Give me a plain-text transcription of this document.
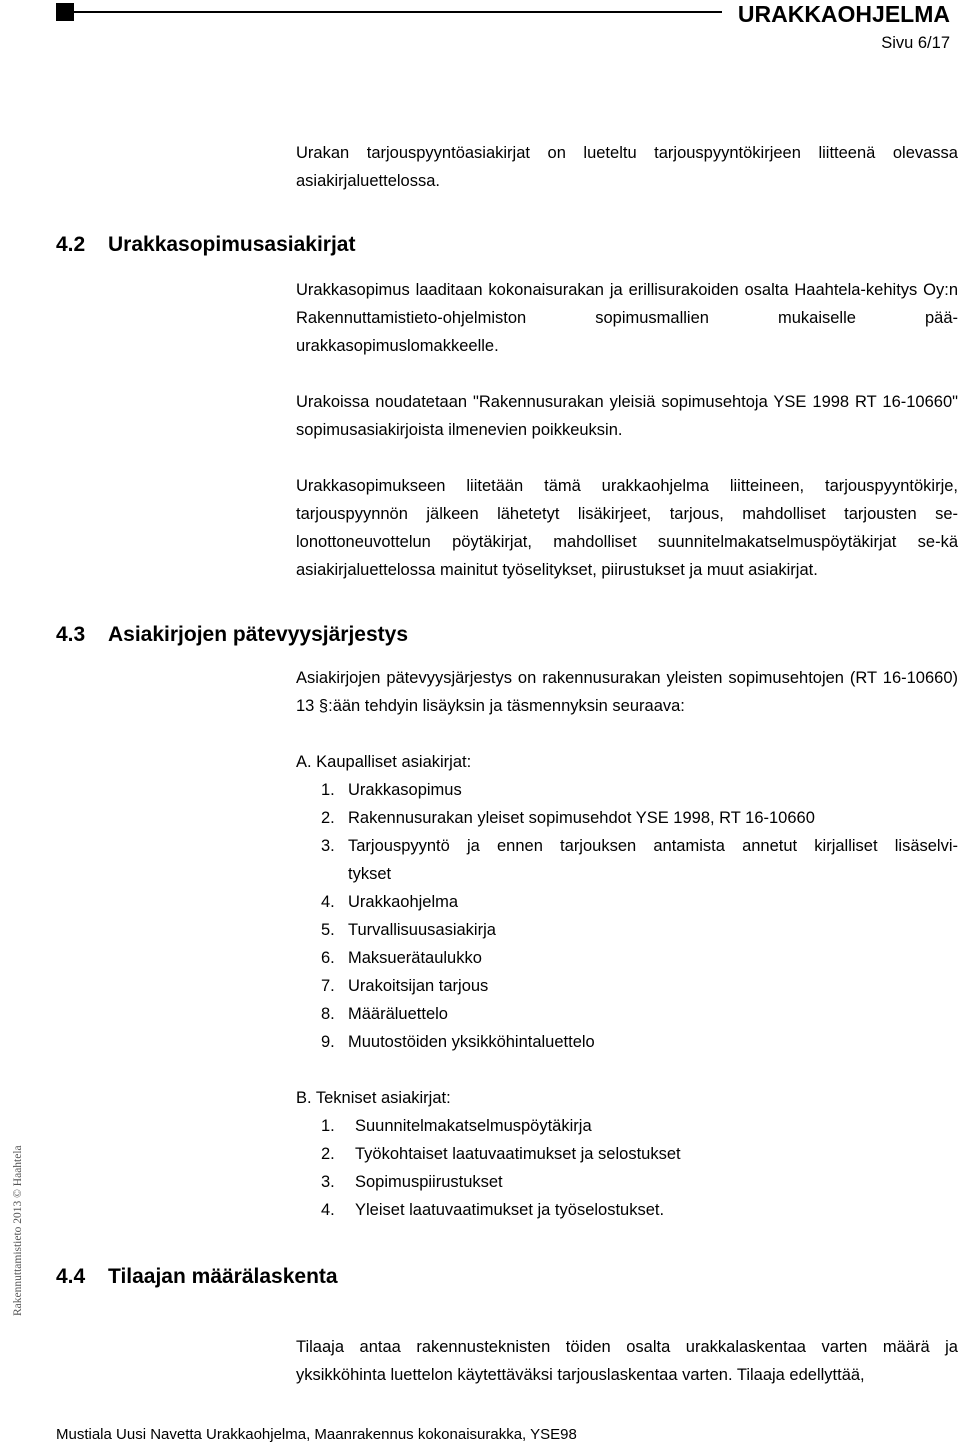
URAKKAOHJELMA
Sivu 6/17

Urakan tarjouspyyntöasiakirjat on lueteltu tarjouspyyntökirjeen liitteenä olevassa asiakirjaluettelossa.

4.2 Urakkasopimusasiakirjat

Urakkasopimus laaditaan kokonaisurakan ja erillisurakoiden osalta Haahtela-kehitys Oy:n Rakennuttamistieto-ohjelmiston sopimusmallien mukaiselle pää-urakkasopimuslomakkeelle.

Urakoissa noudatetaan "Rakennusurakan yleisiä sopimusehtoja YSE 1998 RT 16-10660" sopimusasiakirjoista ilmenevien poikkeuksin.

Urakkasopimukseen liitetään tämä urakkaohjelma liitteineen, tarjouspyyntökirje, tarjouspyynnön jälkeen lähetetyt lisäkirjeet, tarjous, mahdolliset tarjousten se-lonottoneuvottelun pöytäkirjat, mahdolliset suunnitelmakatselmuspöytäkirjat se-kä asiakirjaluettelossa mainitut työselitykset, piirustukset ja muut asiakirjat.

4.3 Asiakirjojen pätevyysjärjestys

Asiakirjojen pätevyysjärjestys on rakennusurakan yleisten sopimusehtojen (RT 16-10660) 13 §:ään tehdyin lisäyksin ja täsmennyksin seuraava:

A. Kaupalliset asiakirjat:
1. Urakkasopimus
2. Rakennusurakan yleiset sopimusehdot YSE 1998, RT 16-10660
3. Tarjouspyyntö ja ennen tarjouksen antamista annetut kirjalliset lisäselvi-
tykset
4. Urakkaohjelma
5. Turvallisuusasiakirja
6. Maksuerätaulukko
7. Urakoitsijan tarjous
8. Määräluettelo
9. Muutostöiden yksikköhintaluettelo
B. Tekniset asiakirjat:
1. Suunnitelmakatselmuspöytäkirja
2. Työkohtaiset laatuvaatimukset ja selostukset
3. Sopimuspiirustukset
4. Yleiset laatuvaatimukset ja työselostukset.
4.4 Tilaajan määrälaskenta

Tilaaja antaa rakennusteknisten töiden osalta urakkalaskentaa varten määrä ja yksikköhinta luettelon käytettäväksi tarjouslaskentaa varten. Tilaaja edellyttää,

Rakennuttamistieto 2013 © Haahtela
Mustiala Uusi Navetta Urakkaohjelma, Maanrakennus kokonaisurakka, YSE98
